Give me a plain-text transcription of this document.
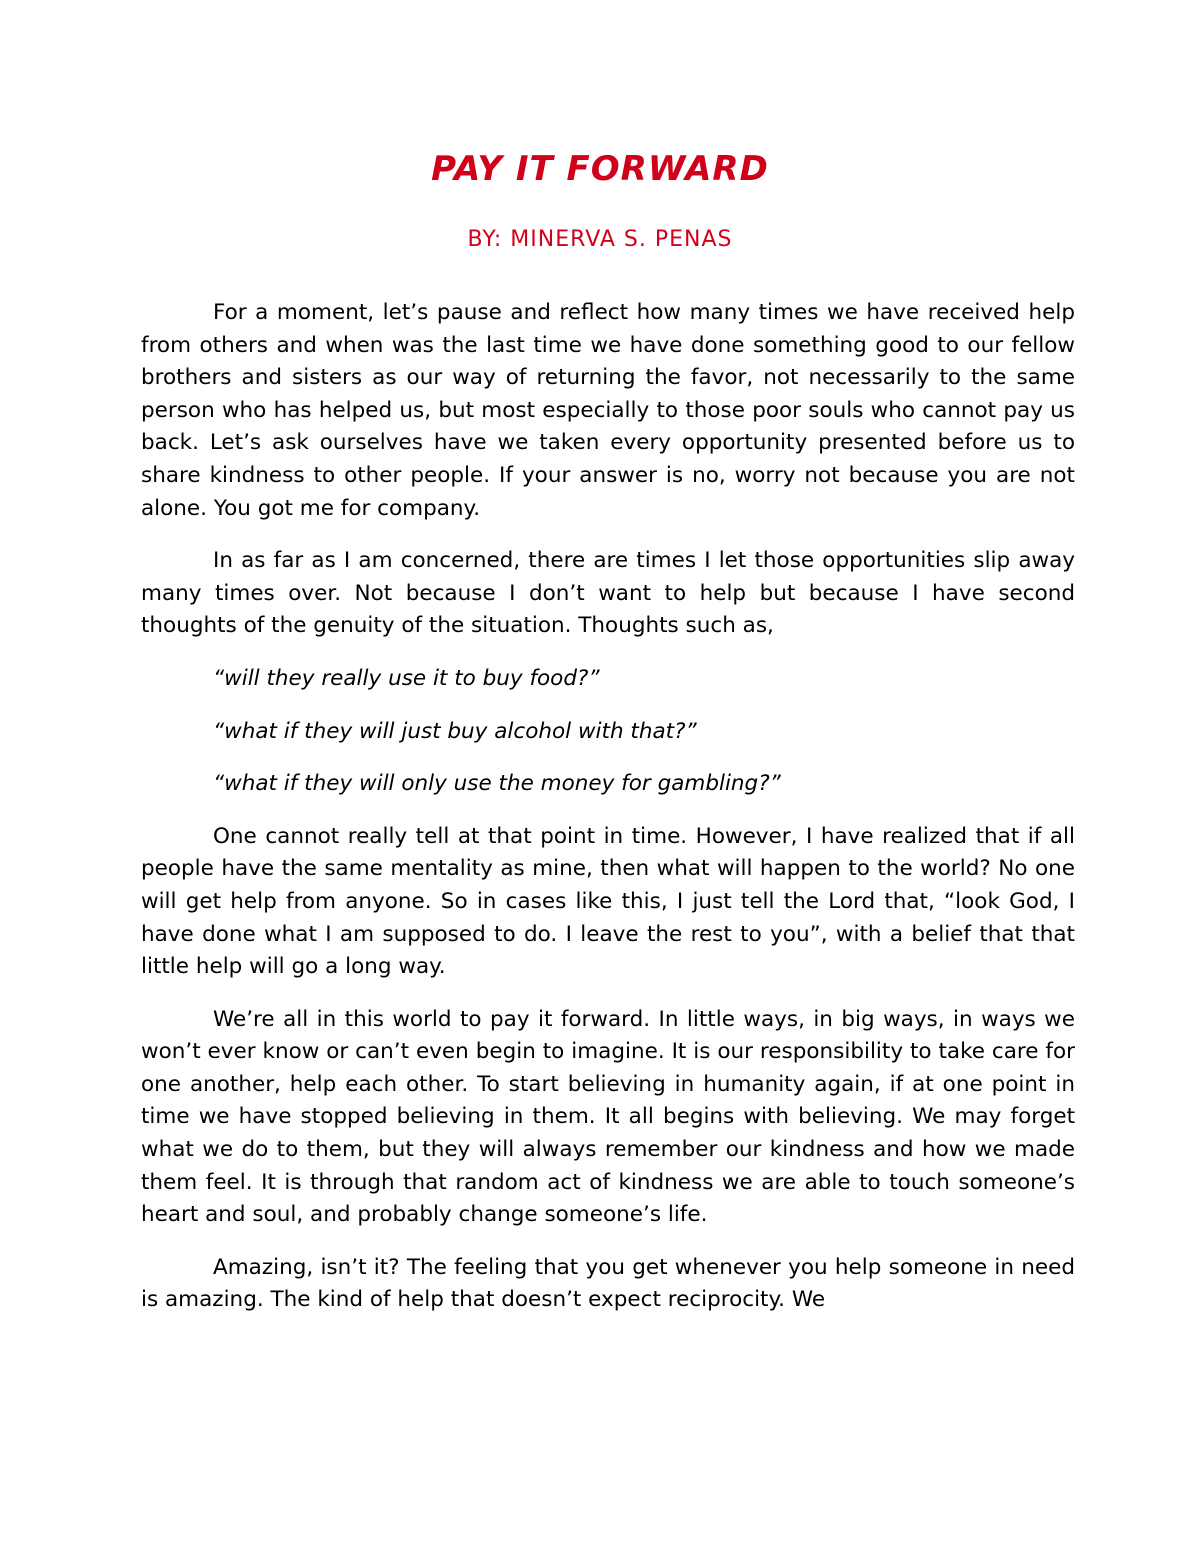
PAY IT FORWARD

BY: MINERVA S. PENAS

For a moment, let’s pause and reflect how many times we have received help from others and when was the last time we have done something good to our fellow brothers and sisters as our way of returning the favor, not necessarily to the same person who has helped us, but most especially to those poor souls who cannot pay us back. Let’s ask ourselves have we taken every opportunity presented before us to share kindness to other people. If your answer is no, worry not because you are not alone. You got me for company.

In as far as I am concerned, there are times I let those opportunities slip away many times over. Not because I don’t want to help but because I have second thoughts of the genuity of the situation. Thoughts such as,

“will they really use it to buy food?”

“what if they will just buy alcohol with that?”

“what if they will only use the money for gambling?”

One cannot really tell at that point in time. However, I have realized that if all people have the same mentality as mine, then what will happen to the world? No one will get help from anyone. So in cases like this, I just tell the Lord that, “look God, I have done what I am supposed to do. I leave the rest to you”, with a belief that that little help will go a long way.

We’re all in this world to pay it forward. In little ways, in big ways, in ways we won’t ever know or can’t even begin to imagine. It is our responsibility to take care for one another, help each other. To start believing in humanity again, if at one point in time we have stopped believing in them. It all begins with believing. We may forget what we do to them, but they will always remember our kindness and how we made them feel. It is through that random act of kindness we are able to touch someone’s heart and soul, and probably change someone’s life.

Amazing, isn’t it? The feeling that you get whenever you help someone in need is amazing. The kind of help that doesn’t expect reciprocity. We
